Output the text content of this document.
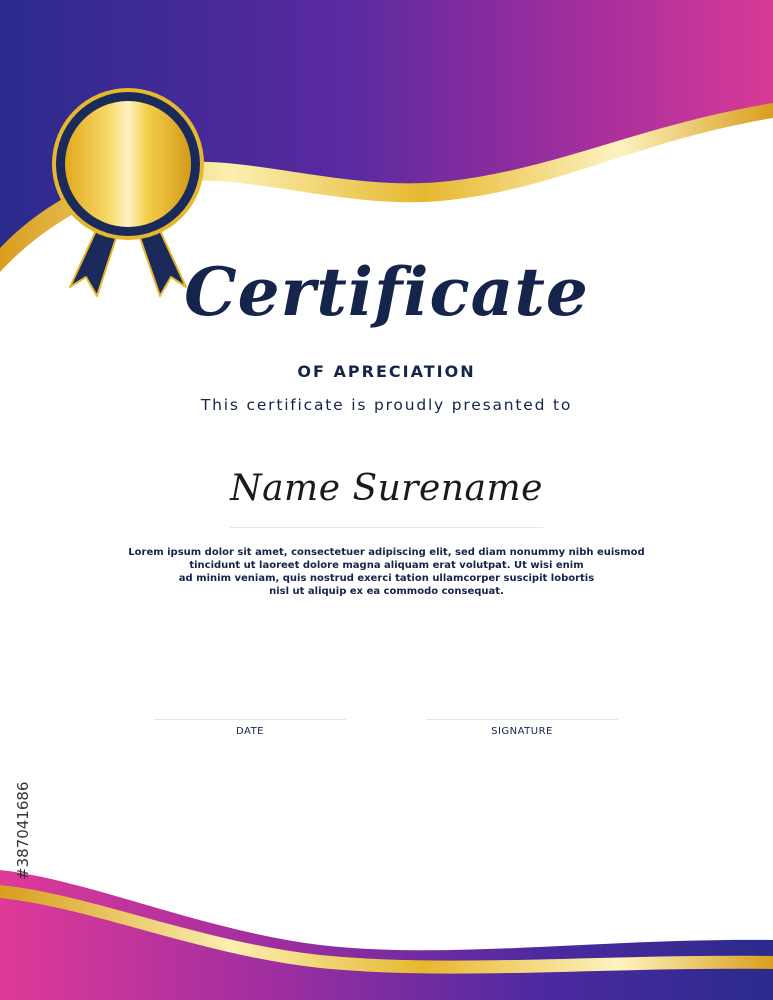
Certificate
OF APRECIATION
This certificate is proudly presanted to
Name Surename
Lorem ipsum dolor sit amet, consectetuer adipiscing elit, sed diam nonummy nibh euismod
tincidunt ut laoreet dolore magna aliquam erat volutpat. Ut wisi enim
ad minim veniam, quis nostrud exerci tation ullamcorper suscipit lobortis
nisl ut aliquip ex ea commodo consequat.
DATE	SIGNATURE
#387041686
